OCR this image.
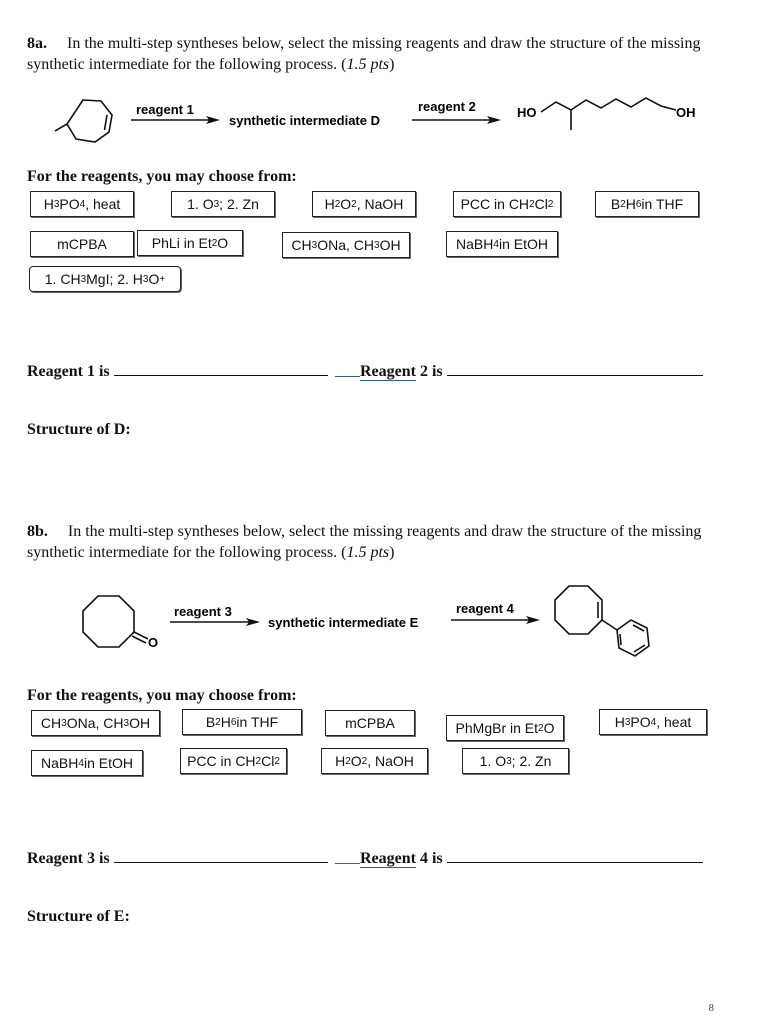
8a. In the multi-step syntheses below, select the missing reagents and draw the structure of the missing synthetic intermediate for the following process. (1.5 pts)
reagent 1
synthetic intermediate D
reagent 2	HO	OH
For the reagents, you may choose from:
H 3 PO 4 , heat	1. O 3 ; 2. Zn	H 2 O 2 , NaOH	PCC in CH 2 Cl 2	B 2 H 6 in THF
mCPBA	PhLi in Et 2 O	CH 3 ONa, CH 3 OH	NaBH 4 in EtOH
1. CH 3 MgI; 2. H 3 O +
Reagent 1 is	Reagent 2 is
Structure of D:
8b. In the multi-step syntheses below, select the missing reagents and draw the structure of the missing synthetic intermediate for the following process. (1.5 pts)
O
reagent 3
synthetic intermediate E
reagent 4
For the reagents, you may choose from:
CH 3 ONa, CH 3 OH	B 2 H 6 in THF	mCPBA	PhMgBr in Et 2 O	H 3 PO 4 , heat
NaBH 4 in EtOH	PCC in CH 2 Cl 2	H 2 O 2 , NaOH	1. O 3 ; 2. Zn
Reagent 3 is	Reagent 4 is
Structure of E:
8
